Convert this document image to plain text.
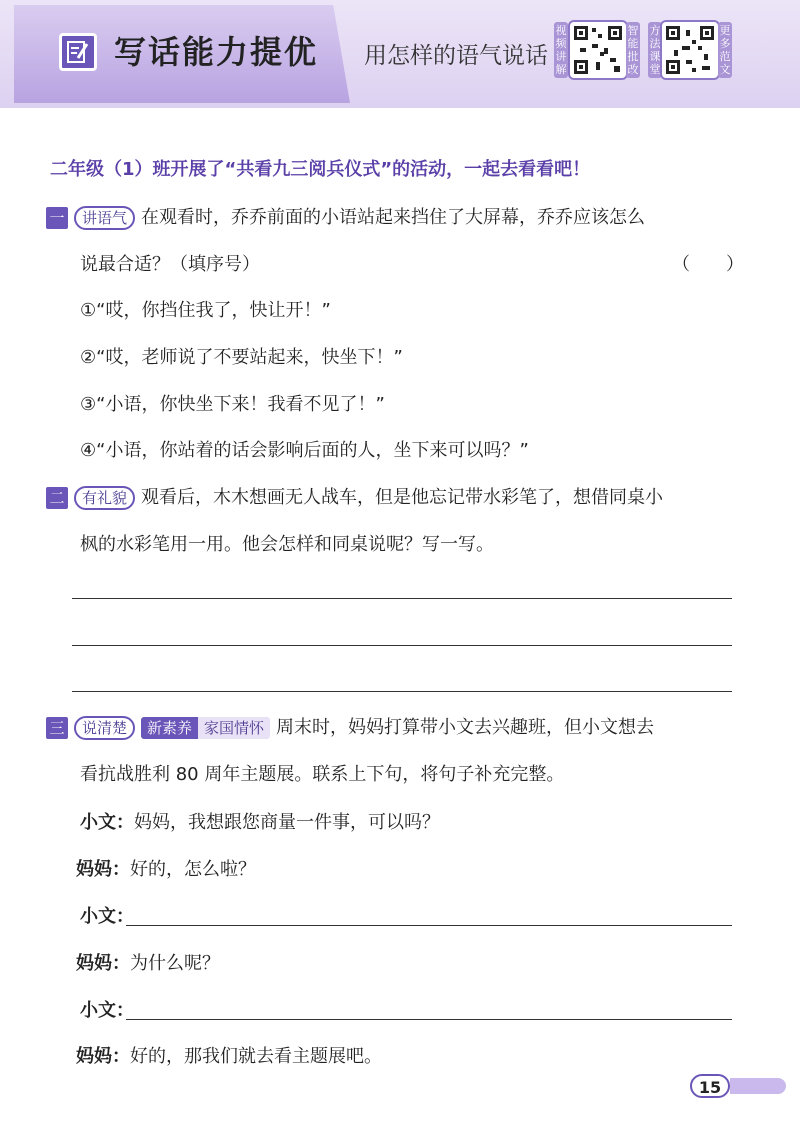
写话能力提优 用怎样的语气说话
视频讲解
智能批改
方法课堂
更多范文
二年级（1）班开展了“共看九三阅兵仪式”的活动，一起去看看吧！
一	讲语气 在观看时，乔乔前面的小语站起来挡住了大屏幕，乔乔应该怎么
说最合适？（填序号）	（　　）
①“哎，你挡住我了，快让开！”
②“哎，老师说了不要站起来，快坐下！”
③“小语，你快坐下来！我看不见了！”
④“小语，你站着的话会影响后面的人，坐下来可以吗？”
二	有礼貌 观看后，木木想画无人战车，但是他忘记带水彩笔了，想借同桌小
枫的水彩笔用一用。他会怎样和同桌说呢？写一写。
三	说清楚 新素养 家国情怀 周末时，妈妈打算带小文去兴趣班，但小文想去
看抗战胜利 80 周年主题展。联系上下句，将句子补充完整。
小文：妈妈，我想跟您商量一件事，可以吗？
妈妈：好的，怎么啦？
小文：
妈妈：为什么呢？
小文：
妈妈：好的，那我们就去看主题展吧。
15
